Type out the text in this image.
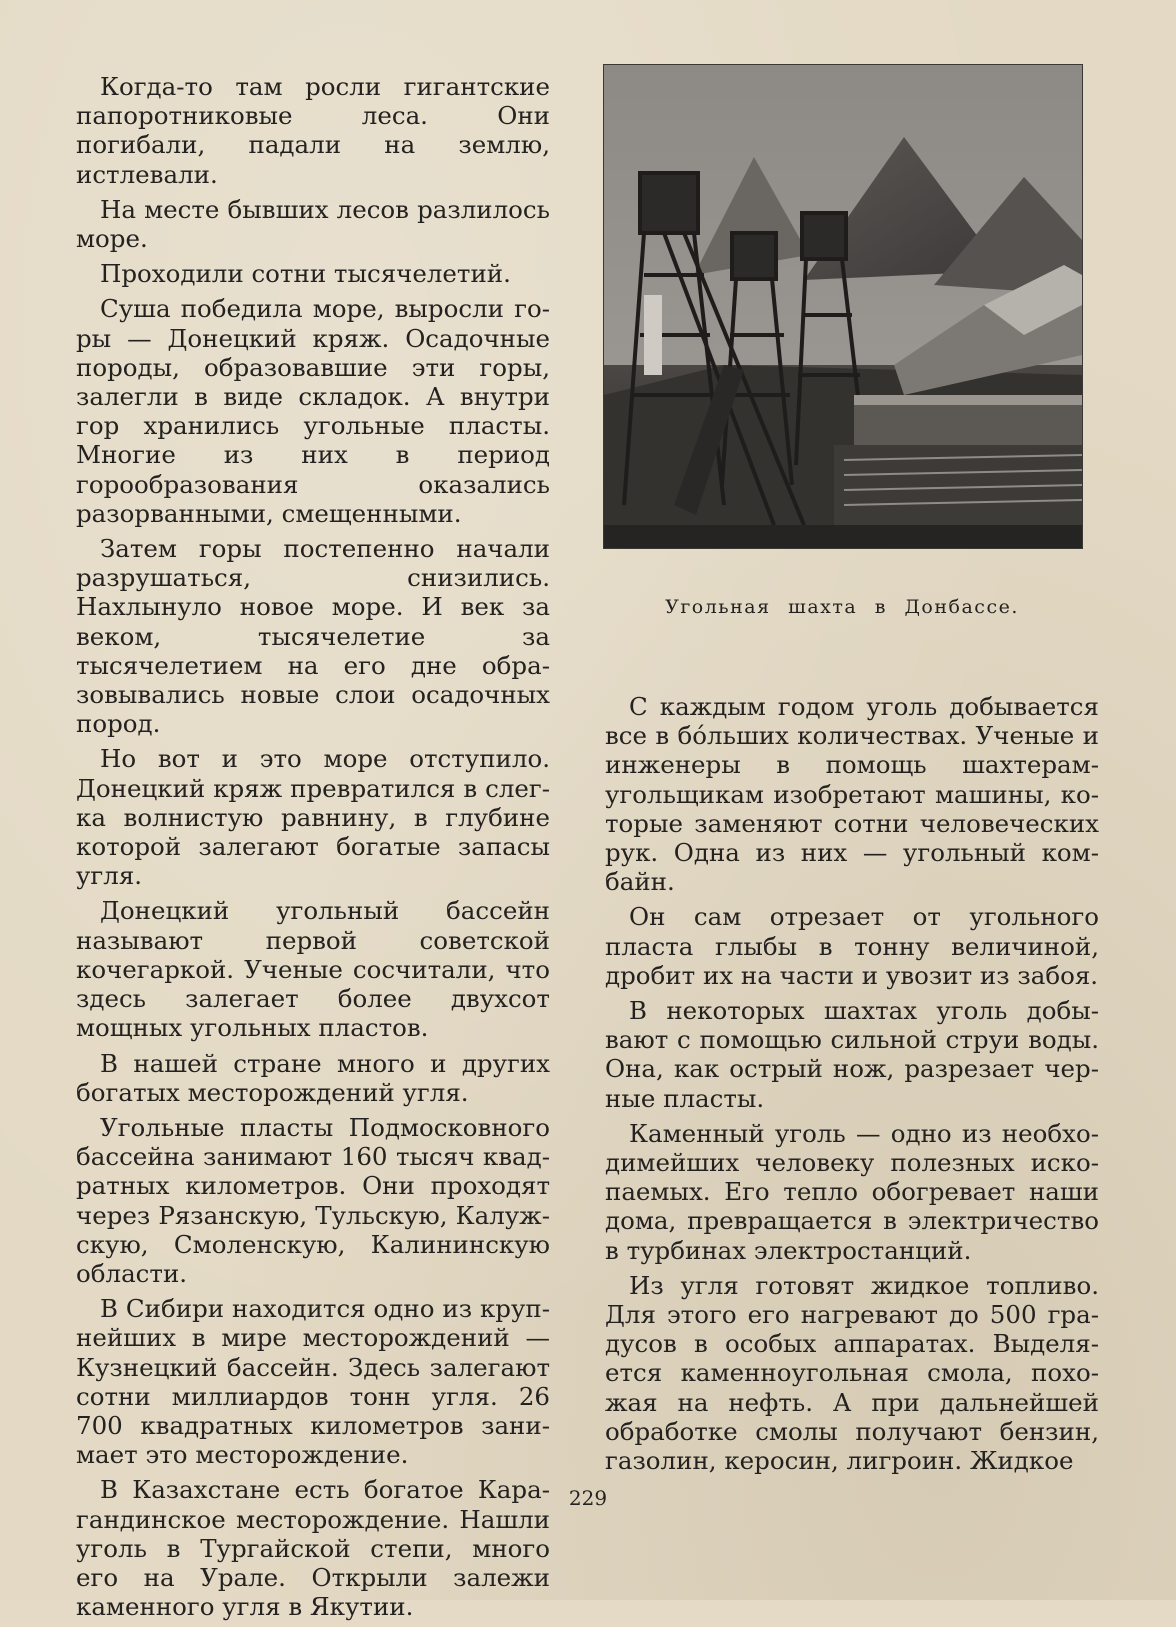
Когда-то там росли гигантские папоротниковые леса. Они погибали, падали на землю, истлевали.

На месте бывших лесов разлилось море.

Проходили сотни тысячелетий.

Суша победила море, выросли горы — Донецкий кряж. Осадочные породы, образовавшие эти горы, залегли в виде складок. А внутри гор хранились угольные пласты. Многие из них в период горообразования оказались разорванными, смещенными.

Затем горы постепенно начали разрушаться, снизились. Нахлынуло новое море. И век за веком, тысячелетие за тысячелетием на его дне образовывались новые слои осадочных пород.

Но вот и это море отступило. Донецкий кряж превратился в слегка волнистую равнину, в глубине которой залегают богатые запасы угля.

Донецкий угольный бассейн называют первой советской кочегаркой. Ученые сосчитали, что здесь залегает более двухсот мощных угольных пластов.

В нашей стране много и других богатых месторождений угля.

Угольные пласты Подмосковного бассейна занимают 160 тысяч квадратных километров. Они проходят через Рязанскую, Тульскую, Калужскую, Смоленскую, Калининскую области.

В Сибири находится одно из крупнейших в мире месторождений — Кузнецкий бассейн. Здесь залегают сотни миллиардов тонн угля. 26 700 квадратных километров занимает это месторождение.

В Казахстане есть богатое Карагандинское месторождение. Нашли уголь в Тургайской степи, много его на Урале. Открыли залежи каменного угля в Якутии.

Угольная шахта в Донбассе.

С каждым годом уголь добывается все в бóльших количествах. Ученые и инженеры в помощь шахтерам-угольщикам изобретают машины, которые заменяют сотни человеческих рук. Одна из них — угольный комбайн.

Он сам отрезает от угольного пласта глыбы в тонну величиной, дробит их на части и увозит из забоя.

В некоторых шахтах уголь добывают с помощью сильной струи воды. Она, как острый нож, разрезает черные пласты.

Каменный уголь — одно из необходимейших человеку полезных ископаемых. Его тепло обогревает наши дома, превращается в электричество в турбинах электростанций.

Из угля готовят жидкое топливо. Для этого его нагревают до 500 градусов в особых аппаратах. Выделяется каменноугольная смола, похожая на нефть. А при дальнейшей обработке смолы получают бензин, газолин, керосин, лигроин. Жидкое

229
